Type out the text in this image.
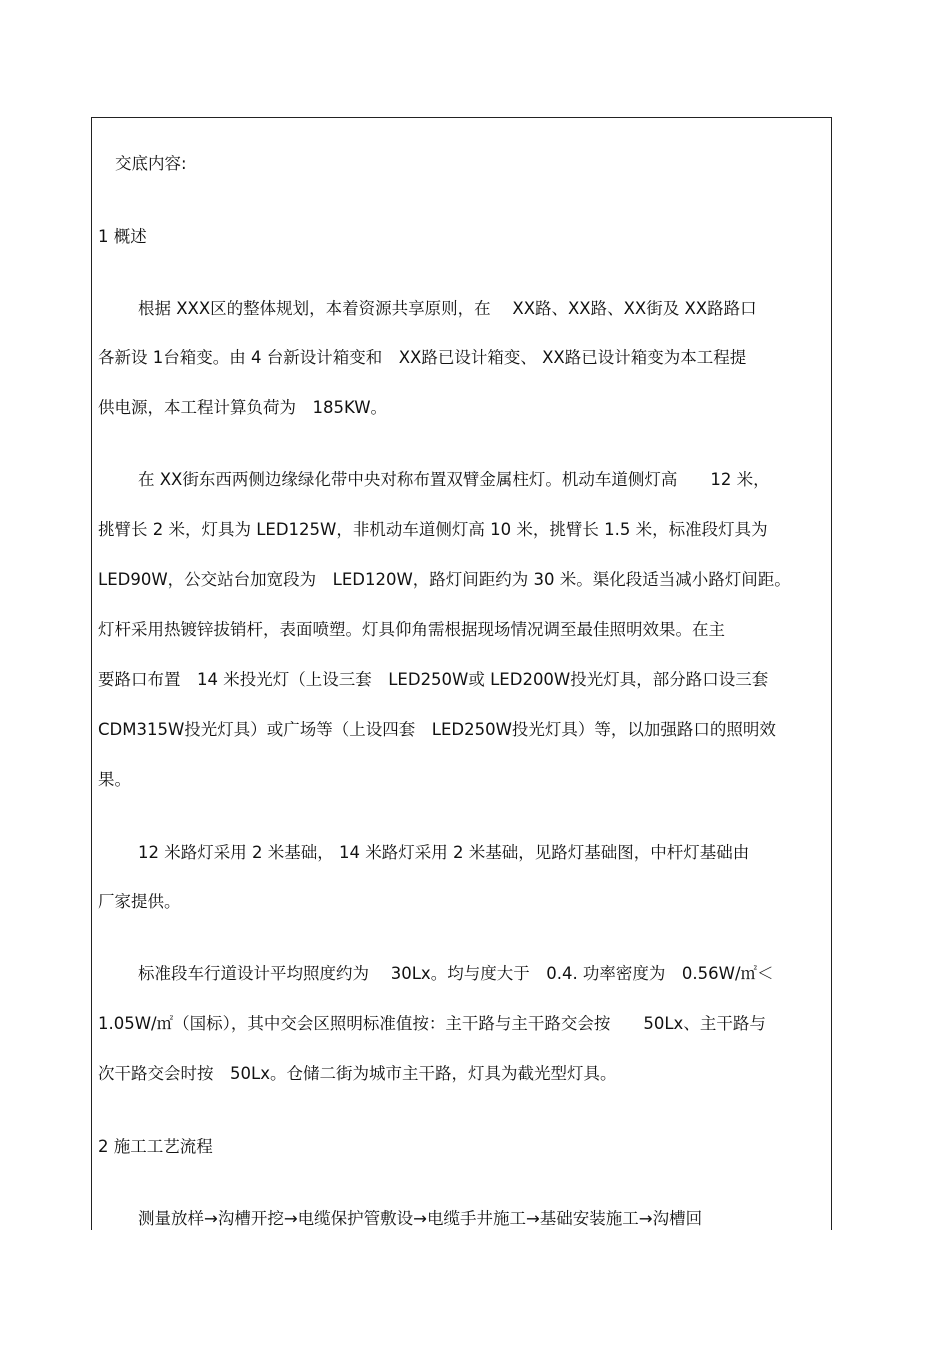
交底内容:
1 概述
根据 XXX区的整体规划，本着资源共享原则，在　 XX路、XX路、XX街及 XX路路口
各新设 1台箱变。由 4 台新设计箱变和　XX路已设计箱变、 XX路已设计箱变为本工程提
供电源，本工程计算负荷为　185KW。
在 XX街东西两侧边缘绿化带中央对称布置双臂金属柱灯。机动车道侧灯高　　12 米，
挑臂长 2 米，灯具为 LED125W，非机动车道侧灯高 10 米，挑臂长 1.5 米，标准段灯具为
LED90W，公交站台加宽段为　LED120W，路灯间距约为 30 米。渠化段适当减小路灯间距。
灯杆采用热镀锌拔销杆，表面喷塑。灯具仰角需根据现场情况调至最佳照明效果。在主
要路口布置　14 米投光灯（上设三套　LED250W或 LED200W投光灯具，部分路口设三套
CDM315W投光灯具）或广场等（上设四套　LED250W投光灯具）等，以加强路口的照明效
果。
12 米路灯采用 2 米基础， 14 米路灯采用 2 米基础，见路灯基础图，中杆灯基础由
厂家提供。
标准段车行道设计平均照度约为　 30Lx。均与度大于　0.4. 功率密度为　0.56W/㎡＜
1.05W/㎡（国标），其中交会区照明标准值按：主干路与主干路交会按　　50Lx、主干路与
次干路交会时按　50Lx。仓储二街为城市主干路，灯具为截光型灯具。
2 施工工艺流程
测量放样→沟槽开挖→电缆保护管敷设→电缆手井施工→基础安装施工→沟槽回
